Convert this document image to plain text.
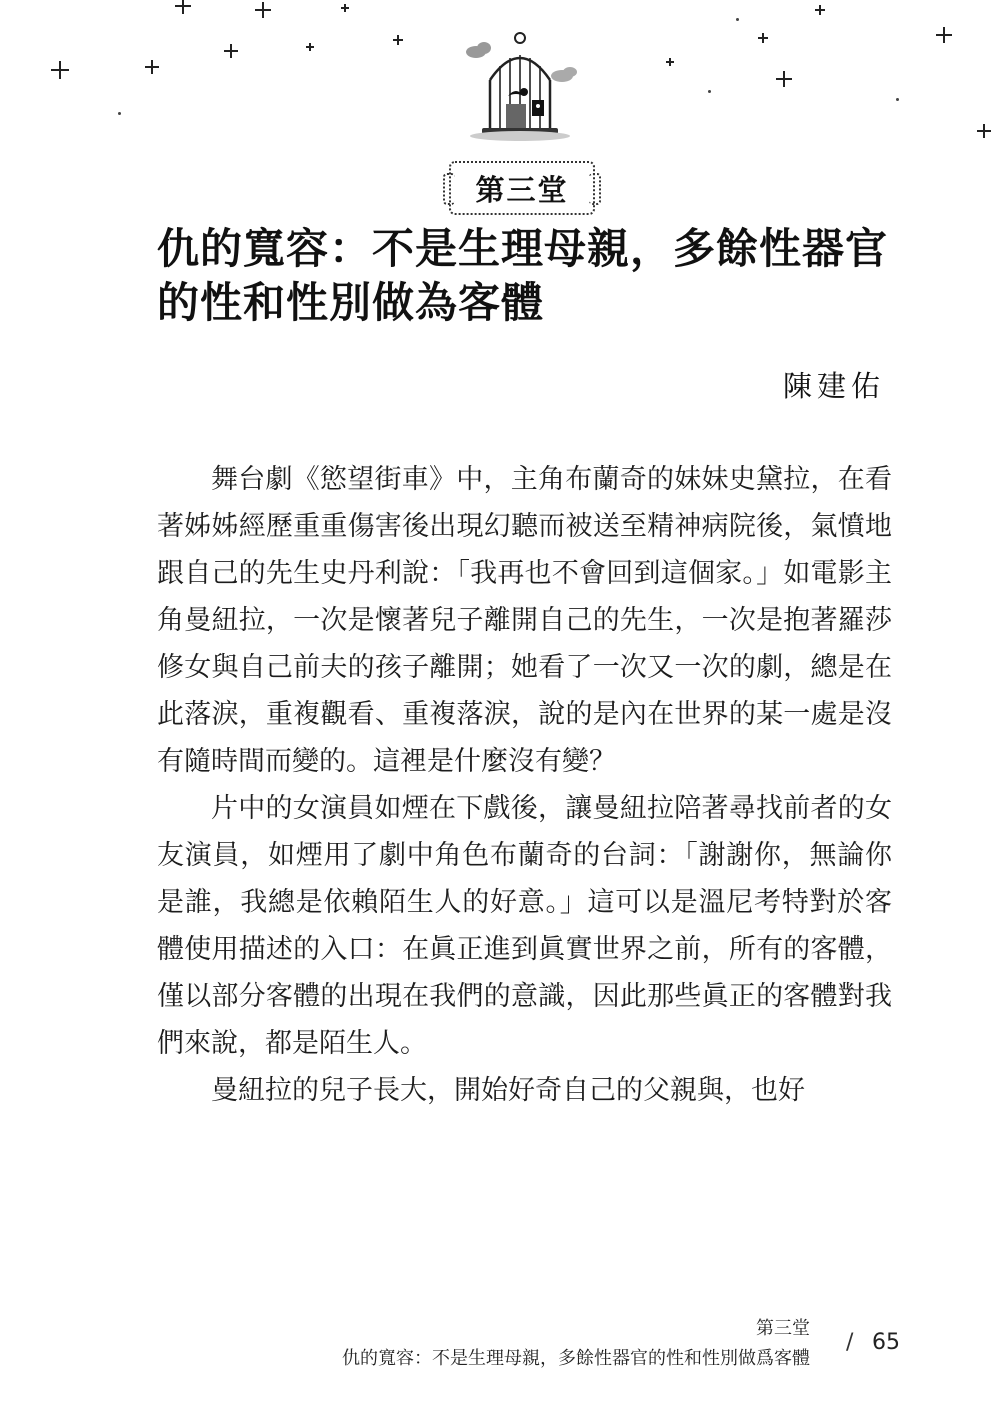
第三堂
仇的寬容：不是生理母親，多餘性器官的性和性別做為客體
陳建佑

舞台劇《慾望街車》中，主角布蘭奇的妹妹史黛拉，在看著姊姊經歷重重傷害後出現幻聽而被送至精神病院後，氣憤地跟自己的先生史丹利說：「我再也不會回到這個家。」如電影主角曼紐拉，一次是懷著兒子離開自己的先生，一次是抱著羅莎修女與自己前夫的孩子離開；她看了一次又一次的劇，總是在此落淚，重複觀看、重複落淚，說的是內在世界的某一處是沒有隨時間而變的。這裡是什麼沒有變？

片中的女演員如煙在下戲後，讓曼紐拉陪著尋找前者的女友演員，如煙用了劇中角色布蘭奇的台詞：「謝謝你，無論你是誰，我總是依賴陌生人的好意。」這可以是溫尼考特對於客體使用描述的入口：在眞正進到眞實世界之前，所有的客體，僅以部分客體的出現在我們的意識，因此那些眞正的客體對我們來說，都是陌生人。

曼紐拉的兒子長大，開始好奇自己的父親與，也好

第三堂
仇的寬容：不是生理母親，多餘性器官的性和性別做爲客體
/ 65
